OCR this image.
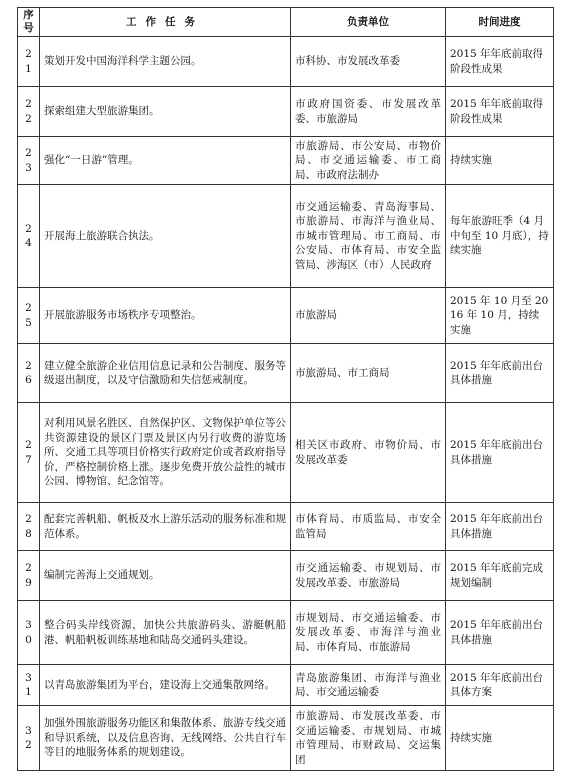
序号	工作任务	负责单位	时间进度
21	策划开发中国海洋科学主题公园。	市科协、市发展改革委	2015 年年底前取得阶段性成果
22	探索组建大型旅游集团。	市政府国资委、市发展改革委、市旅游局	2015 年年底前取得阶段性成果
23	强化“一日游”管理。	市旅游局、市公安局、市物价局、市交通运输委、市工商局、市政府法制办	持续实施
24	开展海上旅游联合执法。	市交通运输委、青岛海事局、市旅游局、市海洋与渔业局、市城市管理局、市工商局、市公安局、市体育局、市安全监管局、涉海区（市）人民政府	每年旅游旺季（4 月中旬至 10 月底），持续实施
25	开展旅游服务市场秩序专项整治。	市旅游局	2015 年 10 月至 2016 年 10 月，持续实施
26	建立健全旅游企业信用信息记录和公告制度、服务等级退出制度，以及守信激励和失信惩戒制度。	市旅游局、市工商局	2015 年年底前出台具体措施
27	对利用风景名胜区、自然保护区、文物保护单位等公共资源建设的景区门票及景区内另行收费的游览场所、交通工具等项目价格实行政府定价或者政府指导价，严格控制价格上涨。逐步免费开放公益性的城市公园、博物馆、纪念馆等。	相关区市政府、市物价局、市发展改革委	2015 年年底前出台具体措施
28	配套完善帆船、帆板及水上游乐活动的服务标准和规范体系。	市体育局、市质监局、市安全监管局	2015 年年底前出台具体措施
29	编制完善海上交通规划。	市交通运输委、市规划局、市发展改革委、市旅游局	2015 年年底前完成规划编制
30	整合码头岸线资源，加快公共旅游码头、游艇帆船港、帆船帆板训练基地和陆岛交通码头建设。	市规划局、市交通运输委、市发展改革委、市海洋与渔业局、市体育局、市旅游局	2015 年年底前出台具体措施
31	以青岛旅游集团为平台，建设海上交通集散网络。	青岛旅游集团、市海洋与渔业局、市交通运输委	2015 年年底前出台具体方案
32	加强外围旅游服务功能区和集散体系、旅游专线交通和导识系统，以及信息咨询、无线网络、公共自行车等目的地服务体系的规划建设。	市旅游局、市发展改革委、市交通运输委、市规划局、市城市管理局、市财政局、交运集团	持续实施
